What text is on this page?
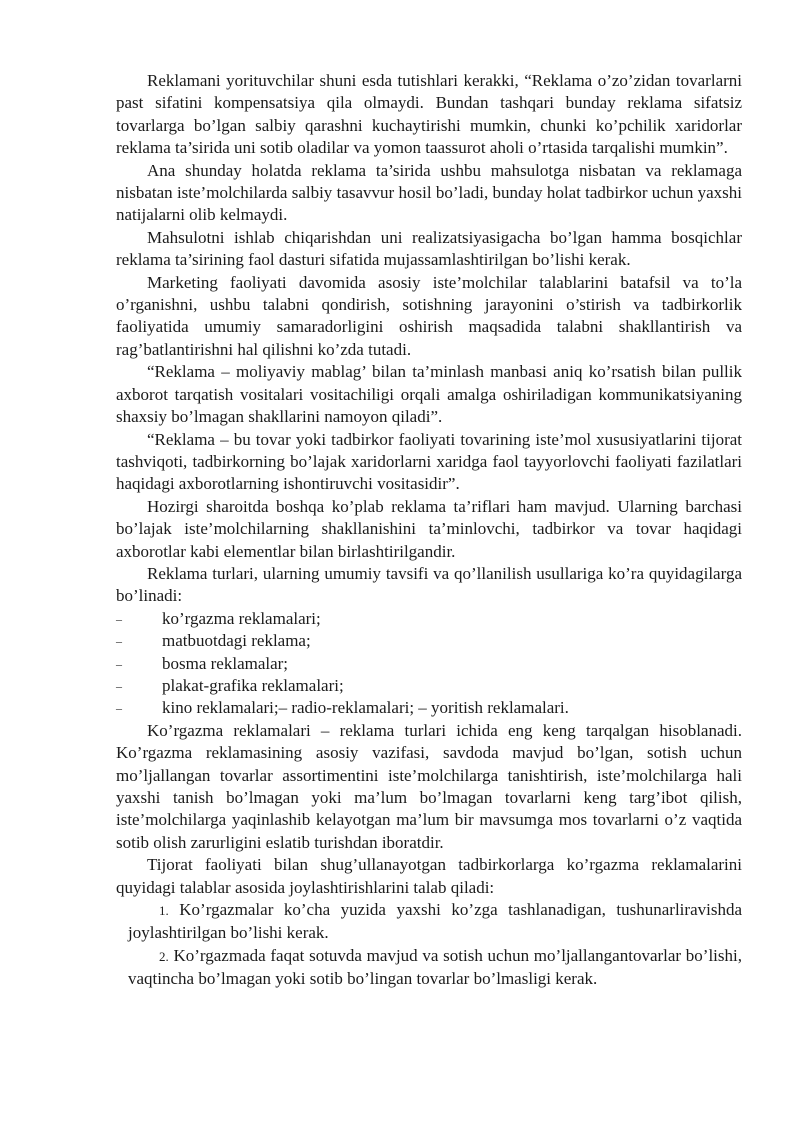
Reklamani yorituvchilar shuni esda tutishlari kerakki, “Reklama o’zo’zidan tovarlarni past sifatini kompensatsiya qila olmaydi. Bundan tashqari bunday reklama sifatsiz tovarlarga bo’lgan salbiy qarashni kuchaytirishi mumkin, chunki ko’pchilik xaridorlar reklama ta’sirida uni sotib oladilar va yomon taassurot aholi o’rtasida tarqalishi mumkin”.

Ana shunday holatda reklama ta’sirida ushbu mahsulotga nisbatan va reklamaga nisbatan iste’molchilarda salbiy tasavvur hosil bo’ladi, bunday holat tadbirkor uchun yaxshi natijalarni olib kelmaydi.

Mahsulotni ishlab chiqarishdan uni realizatsiyasigacha bo’lgan hamma bosqichlar reklama ta’sirining faol dasturi sifatida mujassamlashtirilgan bo’lishi kerak.

Marketing faoliyati davomida asosiy iste’molchilar talablarini batafsil va to’la o’rganishni, ushbu talabni qondirish, sotishning jarayonini o’stirish va tadbirkorlik faoliyatida umumiy samaradorligini oshirish maqsadida talabni shakllantirish va rag’batlantirishni hal qilishni ko’zda tutadi.

“Reklama – moliyaviy mablag’ bilan ta’minlash manbasi aniq ko’rsatish bilan pullik axborot tarqatish vositalari vositachiligi orqali amalga oshiriladigan kommunikatsiyaning shaxsiy bo’lmagan shakllarini namoyon qiladi”.

“Reklama – bu tovar yoki tadbirkor faoliyati tovarining iste’mol xususiyatlarini tijorat tashviqoti, tadbirkorning bo’lajak xaridorlarni xaridga faol tayyorlovchi faoliyati fazilatlari haqidagi axborotlarning ishontiruvchi vositasidir”.

Hozirgi sharoitda boshqa ko’plab reklama ta’riflari ham mavjud. Ularning barchasi bo’lajak iste’molchilarning shakllanishini ta’minlovchi, tadbirkor va tovar haqidagi axborotlar kabi elementlar bilan birlashtirilgandir.

Reklama turlari, ularning umumiy tavsifi va qo’llanilish usullariga ko’ra quyidagilarga bo’linadi:

– ko’rgazma reklamalari;

– matbuotdagi reklama;

– bosma reklamalar;

– plakat-grafika reklamalari;

– kino reklamalari;– radio-reklamalari; – yoritish reklamalari.

Ko’rgazma reklamalari – reklama turlari ichida eng keng tarqalgan hisoblanadi. Ko’rgazma reklamasining asosiy vazifasi, savdoda mavjud bo’lgan, sotish uchun mo’ljallangan tovarlar assortimentini iste’molchilarga tanishtirish, iste’molchilarga hali yaxshi tanish bo’lmagan yoki ma’lum bo’lmagan tovarlarni keng targ’ibot qilish, iste’molchilarga yaqinlashib kelayotgan ma’lum bir mavsumga mos tovarlarni o’z vaqtida sotib olish zarurligini eslatib turishdan iboratdir.

Tijorat faoliyati bilan shug’ullanayotgan tadbirkorlarga ko’rgazma reklamalarini quyidagi talablar asosida joylashtirishlarini talab qiladi:

1. Ko’rgazmalar ko’cha yuzida yaxshi ko’zga tashlanadigan, tushunarliravishda joylashtirilgan bo’lishi kerak.

2. Ko’rgazmada faqat sotuvda mavjud va sotish uchun mo’ljallangantovarlar bo’lishi, vaqtincha bo’lmagan yoki sotib bo’lingan tovarlar bo’lmasligi kerak.
